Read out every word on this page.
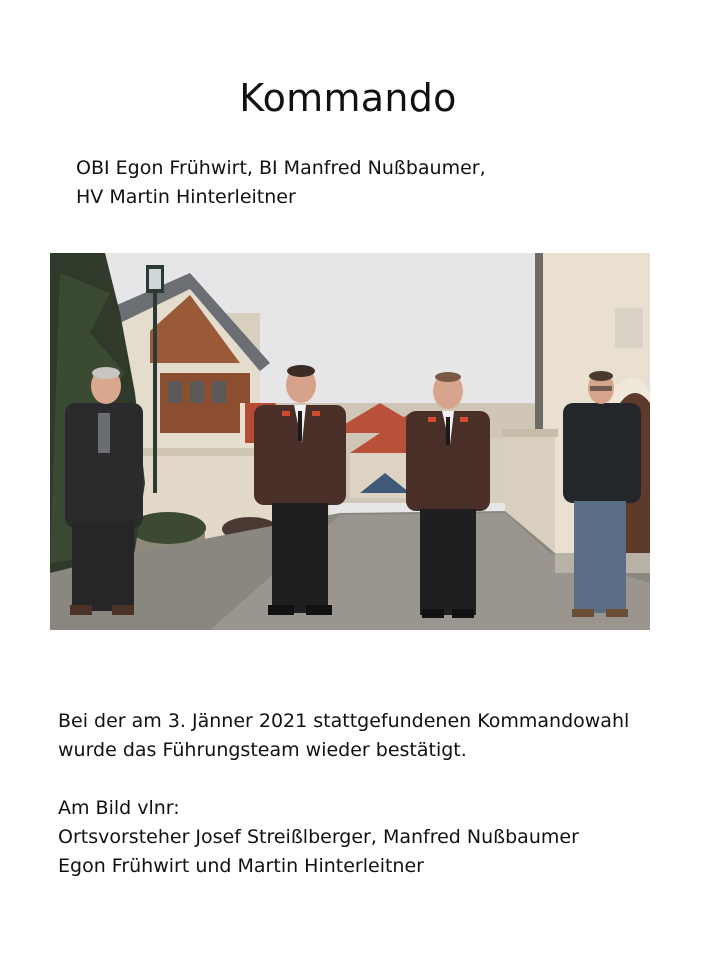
Kommando
OBI Egon Frühwirt, BI Manfred Nußbaumer,
HV Martin Hinterleitner
Bei der am 3. Jänner 2021 stattgefundenen Kommandowahl
wurde das Führungsteam wieder bestätigt.
Am Bild vlnr:
Ortsvorsteher Josef Streißlberger, Manfred Nußbaumer
Egon Frühwirt und Martin Hinterleitner
